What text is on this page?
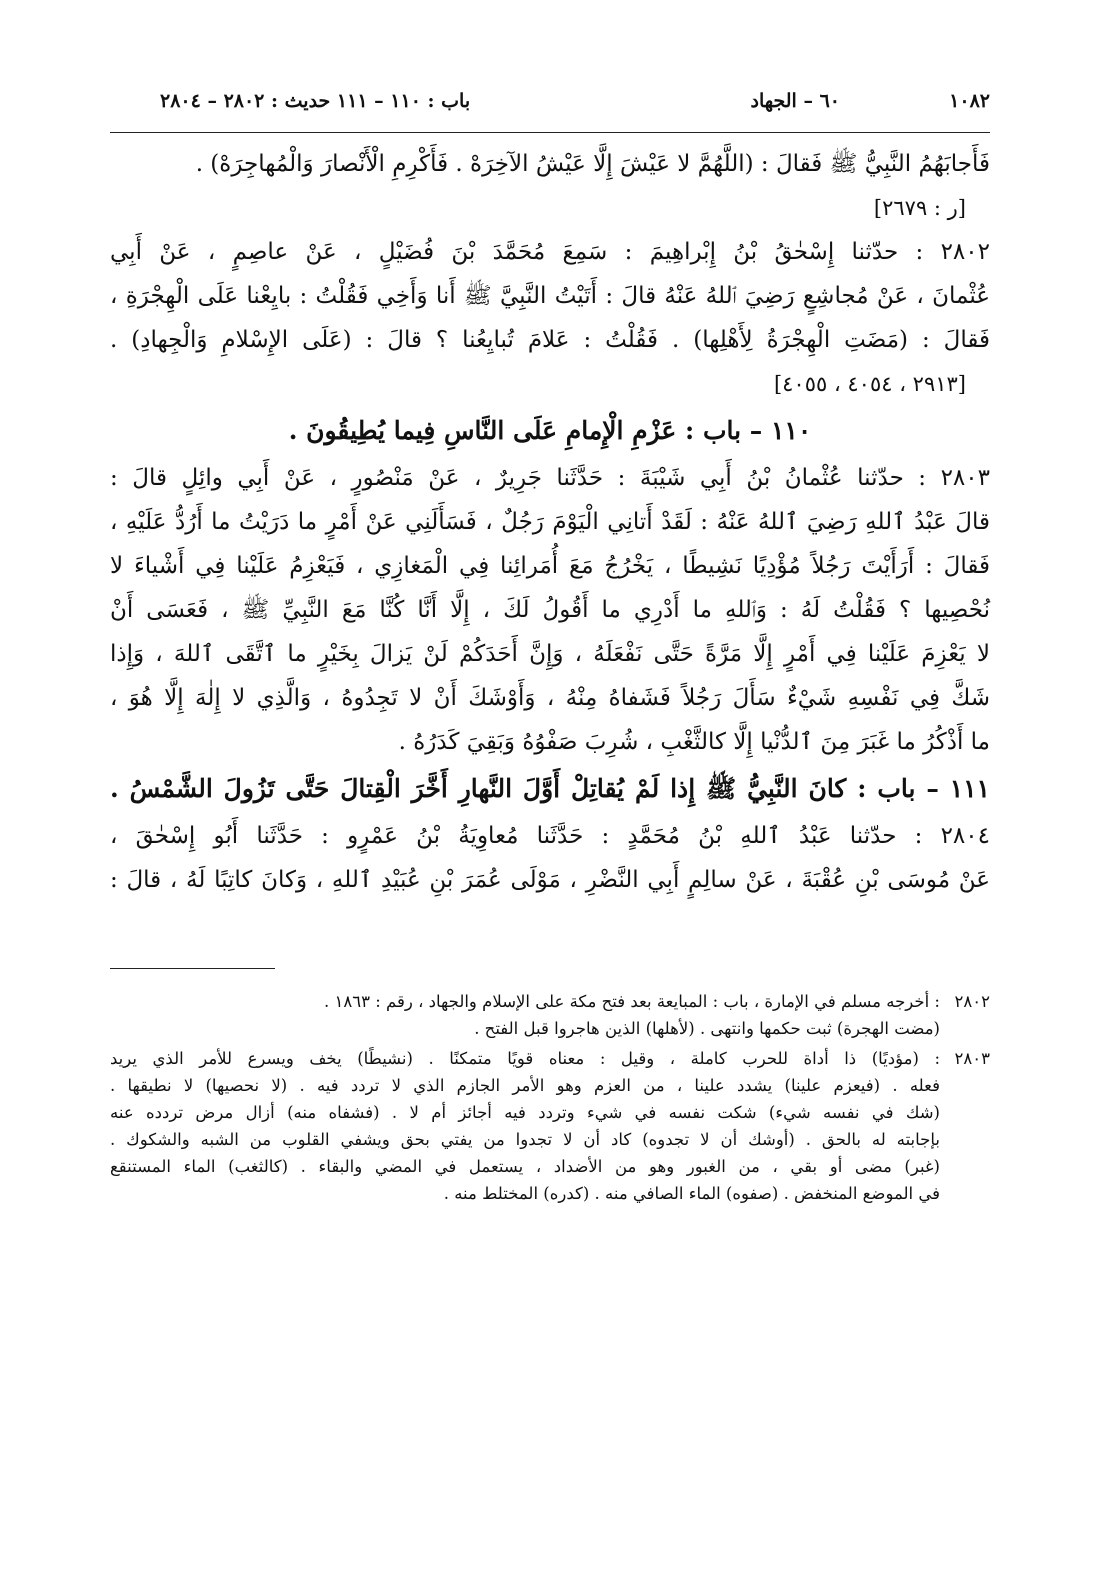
١٠٨٢
٦٠ – الجهاد
باب : ١١٠ – ١١١ حديث : ٢٨٠٢ – ٢٨٠٤
فَأَجابَهُمُ النَّبِيُّ ﷺ فَقالَ : (اللَّهُمَّ لا عَيْشَ إِلَّا عَيْشُ الآخِرَهْ . فَأَكْرِمِ الْأَنْصارَ وَالْمُهاجِرَهْ) .
[ر : ٢٦٧٩]
٢٨٠٢ : حدّثنا إِسْحٰقُ بْنُ إِبْراهِيمَ : سَمِعَ مُحَمَّدَ بْنَ فُضَيْلٍ ، عَنْ عاصِمٍ ، عَنْ أَبِي
عُثْمانَ ، عَنْ مُجاشِعٍ رَضِيَ ٱللهُ عَنْهُ قالَ : أَتَيْتُ النَّبِيَّ ﷺ أَنا وَأَخِي فَقُلْتُ : بايِعْنا عَلَى الْهِجْرَةِ ،
فَقالَ : (مَضَتِ الْهِجْرَةُ لِأَهْلِها) . فَقُلْتُ : عَلامَ تُبايِعُنا ؟ قالَ : (عَلَى الإِسْلامِ وَالْجِهادِ) .
[٢٩١٣ ، ٤٠٥٤ ، ٤٠٥٥]
١١٠ – باب : عَزْمِ الْإِمامِ عَلَى النَّاسِ فِيما يُطِيقُونَ .
٢٨٠٣ : حدّثنا عُثْمانُ بْنُ أَبِي شَيْبَةَ : حَدَّثَنا جَرِيرٌ ، عَنْ مَنْصُورٍ ، عَنْ أَبِي وائِلٍ قالَ :
قالَ عَبْدُ ٱللهِ رَضِيَ ٱللهُ عَنْهُ : لَقَدْ أَتانِي الْيَوْمَ رَجُلٌ ، فَسَأَلَنِي عَنْ أَمْرٍ ما دَرَيْتُ ما أَرُدُّ عَلَيْهِ ،
فَقالَ : أَرَأَيْتَ رَجُلاً مُؤْدِيًا نَشِيطًا ، يَخْرُجُ مَعَ أُمَرائِنا فِي الْمَغازِي ، فَيَعْزِمُ عَلَيْنا فِي أَشْياءَ لا
نُحْصِيها ؟ فَقُلْتُ لَهُ : وَٱللهِ ما أَدْرِي ما أَقُولُ لَكَ ، إِلَّا أَنَّا كُنَّا مَعَ النَّبِيِّ ﷺ ، فَعَسَى أَنْ
لا يَعْزِمَ عَلَيْنا فِي أَمْرٍ إِلَّا مَرَّةً حَتَّى نَفْعَلَهُ ، وَإِنَّ أَحَدَكُمْ لَنْ يَزالَ بِخَيْرٍ ما ٱتَّقَى ٱللهَ ، وَإِذا
شَكَّ فِي نَفْسِهِ شَيْءٌ سَأَلَ رَجُلاً فَشَفاهُ مِنْهُ ، وَأَوْشَكَ أَنْ لا تَجِدُوهُ ، وَالَّذِي لا إِلٰهَ إِلَّا هُوَ ،
ما أَذْكُرُ ما غَبَرَ مِنَ ٱلدُّنْيا إِلَّا كالثَّغْبِ ، شُرِبَ صَفْوُهُ وَبَقِيَ كَدَرُهُ .
١١١ – باب : كانَ النَّبِيُّ ﷺ إِذا لَمْ يُقاتِلْ أَوَّلَ النَّهارِ أَخَّرَ الْقِتالَ حَتَّى تَزُولَ الشَّمْسُ .
٢٨٠٤ : حدّثنا عَبْدُ ٱللهِ بْنُ مُحَمَّدٍ : حَدَّثَنا مُعاوِيَةُ بْنُ عَمْرٍو : حَدَّثَنا أَبُو إِسْحٰقَ ،
عَنْ مُوسَى بْنِ عُقْبَةَ ، عَنْ سالِمٍ أَبِي النَّضْرِ ، مَوْلَى عُمَرَ بْنِ عُبَيْدِ ٱللهِ ، وَكانَ كاتِبًا لَهُ ، قالَ :
٢٨٠٢
: أخرجه مسلم في الإمارة ، باب : المبايعة بعد فتح مكة على الإسلام والجهاد ، رقم : ١٨٦٣ .
(مضت الهجرة) ثبت حكمها وانتهى . (لأهلها) الذين هاجروا قبل الفتح .
٢٨٠٣
: (مؤديًا) ذا أداة للحرب كاملة ، وقيل : معناه قويًا متمكنًا . (نشيطًا) يخف ويسرع للأمر الذي يريد
فعله . (فيعزم علينا) يشدد علينا ، من العزم وهو الأمر الجازم الذي لا تردد فيه . (لا نحصيها) لا نطيقها .
(شك في نفسه شيء) شكت نفسه في شيء وتردد فيه أجائز أم لا . (فشفاه منه) أزال مرض تردده عنه
بإجابته له بالحق . (أوشك أن لا تجدوه) كاد أن لا تجدوا من يفتي بحق ويشفي القلوب من الشبه والشكوك .
(غبر) مضى أو بقي ، من الغبور وهو من الأضداد ، يستعمل في المضي والبقاء . (كالثغب) الماء المستنقع
في الموضع المنخفض . (صفوه) الماء الصافي منه . (كدره) المختلط منه .
